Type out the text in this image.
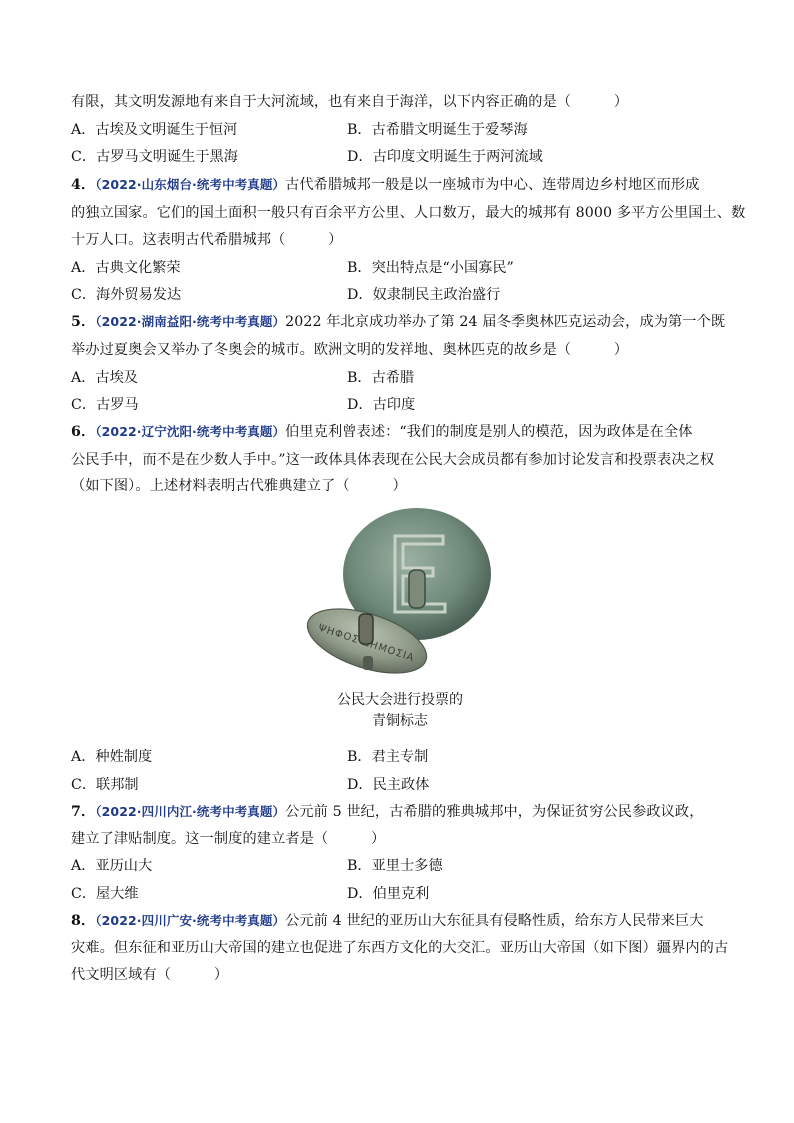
有限，其文明发源地有来自于大河流域，也有来自于海洋，以下内容正确的是（　　　）
A．古埃及文明诞生于恒河	B．古希腊文明诞生于爱琴海
C．古罗马文明诞生于黑海	D．古印度文明诞生于两河流域
4．（2022·山东烟台·统考中考真题）古代希腊城邦一般是以一座城市为中心、连带周边乡村地区而形成
的独立国家。它们的国土面积一般只有百余平方公里、人口数万，最大的城邦有 8000 多平方公里国土、数
十万人口。这表明古代希腊城邦（　　　）
A．古典文化繁荣	B．突出特点是“小国寡民”
C．海外贸易发达	D．奴隶制民主政治盛行
5．（2022·湖南益阳·统考中考真题）2022 年北京成功举办了第 24 届冬季奥林匹克运动会，成为第一个既
举办过夏奥会又举办了冬奥会的城市。欧洲文明的发祥地、奥林匹克的故乡是（　　　）
A．古埃及	B．古希腊
C．古罗马	D．古印度
6．（2022·辽宁沈阳·统考中考真题）伯里克利曾表述：“我们的制度是别人的模范，因为政体是在全体
公民手中，而不是在少数人手中。”这一政体具体表现在公民大会成员都有参加讨论发言和投票表决之权
（如下图）。上述材料表明古代雅典建立了（　　　）
ΨΗΦΟΣ ΔΗΜΟΣΙΑ
公民大会进行投票的
青铜标志
A．种姓制度	B．君主专制
C．联邦制	D．民主政体
7．（2022·四川内江·统考中考真题）公元前 5 世纪，古希腊的雅典城邦中，为保证贫穷公民参政议政，
建立了津贴制度。这一制度的建立者是（　　　）
A．亚历山大	B．亚里士多德
C．屋大维	D．伯里克利
8．（2022·四川广安·统考中考真题）公元前 4 世纪的亚历山大东征具有侵略性质，给东方人民带来巨大
灾难。但东征和亚历山大帝国的建立也促进了东西方文化的大交汇。亚历山大帝国（如下图）疆界内的古
代文明区域有（　　　）
